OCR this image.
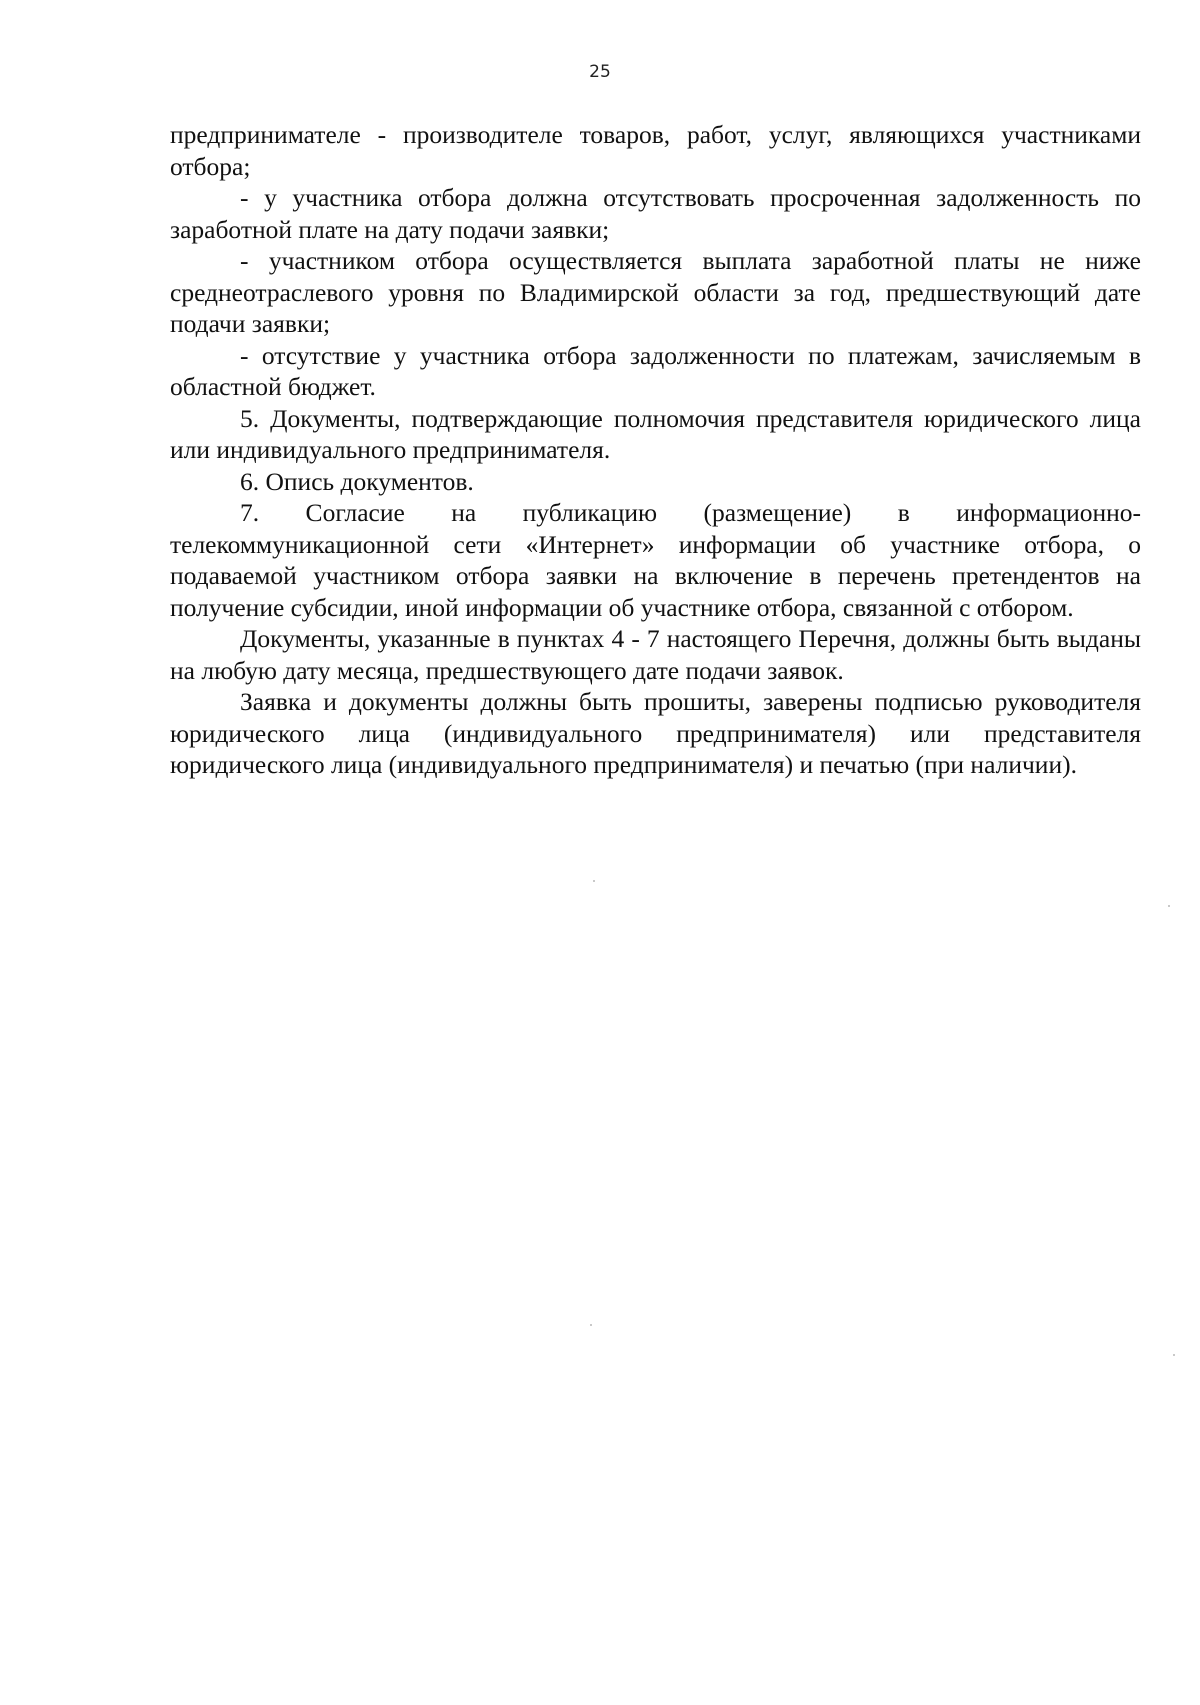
25

предпринимателе - производителе товаров, работ, услуг, являющихся участниками отбора;

- у участника отбора должна отсутствовать просроченная задолженность по заработной плате на дату подачи заявки;

- участником отбора осуществляется выплата заработной платы не ниже среднеотраслевого уровня по Владимирской области за год, предшествующий дате подачи заявки;

- отсутствие у участника отбора задолженности по платежам, зачисляемым в областной бюджет.

5. Документы, подтверждающие полномочия представителя юридического лица или индивидуального предпринимателя.

6. Опись документов.

7. Согласие на публикацию (размещение) в информационно-телекоммуникационной сети «Интернет» информации об участнике отбора, о подаваемой участником отбора заявки на включение в перечень претендентов на получение субсидии, иной информации об участнике отбора, связанной с отбором.

Документы, указанные в пунктах 4 - 7 настоящего Перечня, должны быть выданы на любую дату месяца, предшествующего дате подачи заявок.

Заявка и документы должны быть прошиты, заверены подписью руководителя юридического лица (индивидуального предпринимателя) или представителя юридического лица (индивидуального предпринимателя) и печатью (при наличии).
